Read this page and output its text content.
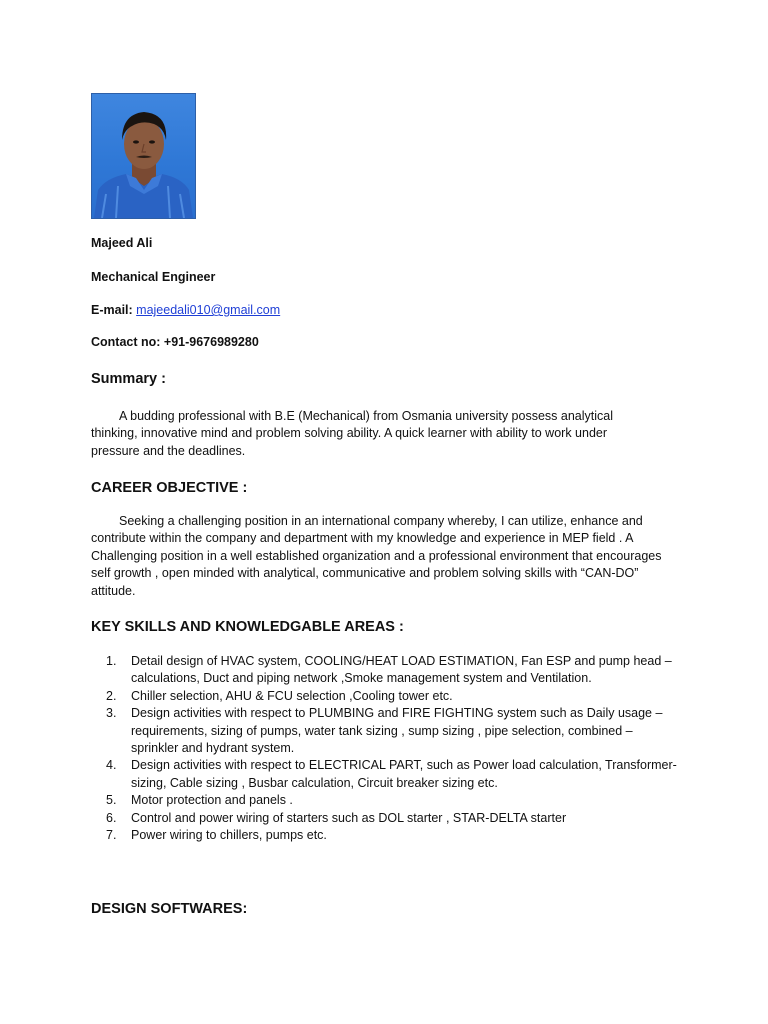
Majeed Ali
Mechanical Engineer
E-mail: majeedali010@gmail.com
Contact no: +91-9676989280
Summary :
A budding professional with B.E (Mechanical) from Osmania university possess analytical
thinking, innovative mind and problem solving ability. A quick learner with ability to work under
pressure and the deadlines.
CAREER OBJECTIVE :
Seeking a challenging position in an international company whereby, I can utilize, enhance and
contribute within the company and department with my knowledge and experience in MEP field . A
Challenging position in a well established organization and a professional environment that encourages
self growth , open minded with analytical, communicative and problem solving skills with “CAN-DO”
attitude.
KEY SKILLS AND KNOWLEDGABLE AREAS :
1. Detail design of HVAC system, COOLING/HEAT LOAD ESTIMATION, Fan ESP and pump head –
calculations, Duct and piping network ,Smoke management system and Ventilation.
2. Chiller selection, AHU & FCU selection ,Cooling tower etc.
3. Design activities with respect to PLUMBING and FIRE FIGHTING system such as Daily usage –
requirements, sizing of pumps, water tank sizing , sump sizing , pipe selection, combined –
sprinkler and hydrant system.
4. Design activities with respect to ELECTRICAL PART, such as Power load calculation, Transformer-
sizing, Cable sizing , Busbar calculation, Circuit breaker sizing etc.
5. Motor protection and panels .
6. Control and power wiring of starters such as DOL starter , STAR-DELTA starter
7. Power wiring to chillers, pumps etc.
DESIGN SOFTWARES:
